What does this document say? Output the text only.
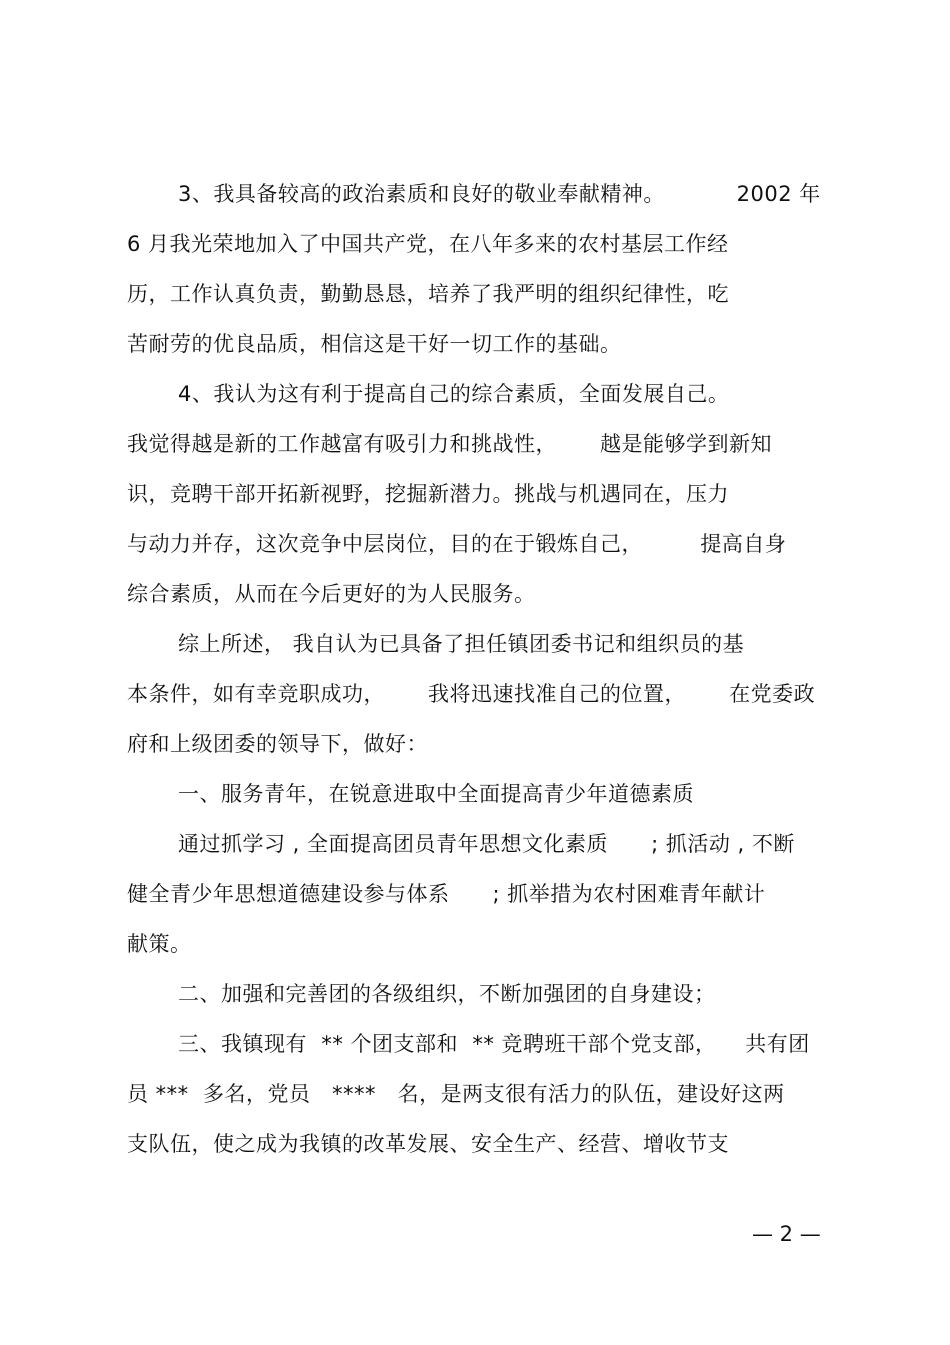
3、我具备较高的政治素质和良好的敬业奉献精神。          2002 年
6 月我光荣地加入了中国共产党，在八年多来的农村基层工作经
历，工作认真负责，勤勤恳恳，培养了我严明的组织纪律性，吃
苦耐劳的优良品质，相信这是干好一切工作的基础。
4、我认为这有利于提高自己的综合素质，全面发展自己。
我觉得越是新的工作越富有吸引力和挑战性，      越是能够学到新知
识，竞聘干部开拓新视野，挖掘新潜力。挑战与机遇同在，压力
与动力并存，这次竞争中层岗位，目的在于锻炼自己，        提高自身
综合素质，从而在今后更好的为人民服务。
综上所述， 我自认为已具备了担任镇团委书记和组织员的基
本条件，如有幸竞职成功，      我将迅速找准自己的位置，      在党委政
府和上级团委的领导下，做好：
一、服务青年，在锐意进取中全面提高青少年道德素质
通过抓学习 , 全面提高团员青年思想文化素质      ; 抓活动 , 不断
健全青少年思想道德建设参与体系      ; 抓举措为农村困难青年献计
献策。
二、加强和完善团的各级组织，不断加强团的自身建设；
三、我镇现有  ** 个团支部和  ** 竞聘班干部个党支部，    共有团
员 ***  多名，党员   ****   名，是两支很有活力的队伍，建设好这两
支队伍，使之成为我镇的改革发展、安全生产、经营、增收节支
— 2 —
